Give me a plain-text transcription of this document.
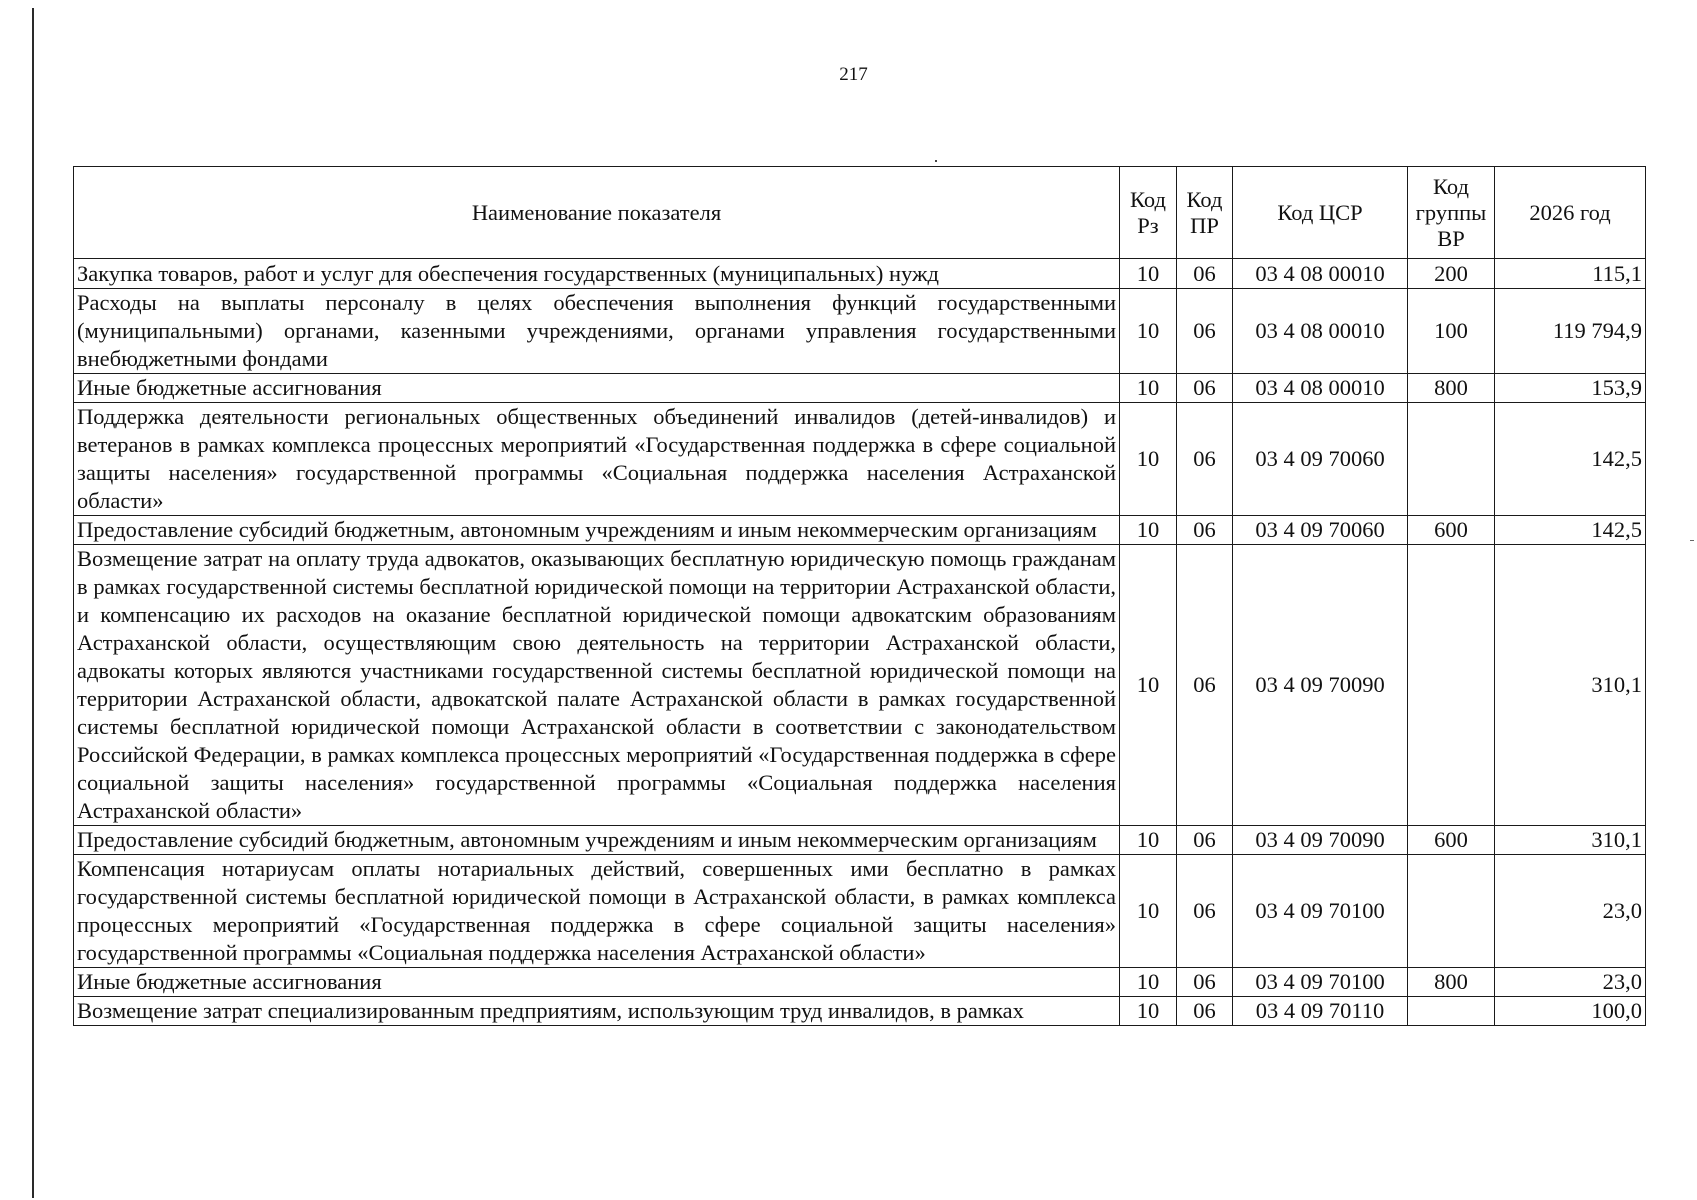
217
Наименование показателя	Код Рз	Код ПР	Код ЦСР	Код группы ВР	2026 год
Закупка товаров, работ и услуг для обеспечения государственных (муниципальных) нужд	10	06	03 4 08 00010	200	115,1
Расходы на выплаты персоналу в целях обеспечения выполнения функций государственными (муниципальными) органами, казенными учреждениями, органами управления государственными внебюджетными фондами	10	06	03 4 08 00010	100	119 794,9
Иные бюджетные ассигнования	10	06	03 4 08 00010	800	153,9
Поддержка деятельности региональных общественных объединений инвалидов (детей-инвалидов) и ветеранов в рамках комплекса процессных мероприятий «Государственная поддержка в сфере социальной защиты населения» государственной программы «Социальная поддержка населения Астраханской области»	10	06	03 4 09 70060		142,5
Предоставление субсидий бюджетным, автономным учреждениям и иным некоммерческим организациям	10	06	03 4 09 70060	600	142,5
Возмещение затрат на оплату труда адвокатов, оказывающих бесплатную юридическую помощь гражданам в рамках государственной системы бесплатной юридической помощи на территории Астраханской области, и компенсацию их расходов на оказание бесплатной юридической помощи адвокатским образованиям Астраханской области, осуществляющим свою деятельность на территории Астраханской области, адвокаты которых являются участниками государственной системы бесплатной юридической помощи на территории Астраханской области, адвокатской палате Астраханской области в рамках государственной системы бесплатной юридической помощи Астраханской области в соответствии с законодательством Российской Федерации, в рамках комплекса процессных мероприятий «Государственная поддержка в сфере социальной защиты населения» государственной программы «Социальная поддержка населения Астраханской области»	10	06	03 4 09 70090		310,1
Предоставление субсидий бюджетным, автономным учреждениям и иным некоммерческим организациям	10	06	03 4 09 70090	600	310,1
Компенсация нотариусам оплаты нотариальных действий, совершенных ими бесплатно в рамках государственной системы бесплатной юридической помощи в Астраханской области, в рамках комплекса процессных мероприятий «Государственная поддержка в сфере социальной защиты населения» государственной программы «Социальная поддержка населения Астраханской области»	10	06	03 4 09 70100		23,0
Иные бюджетные ассигнования	10	06	03 4 09 70100	800	23,0
Возмещение затрат специализированным предприятиям, использующим труд инвалидов, в рамках	10	06	03 4 09 70110		100,0
